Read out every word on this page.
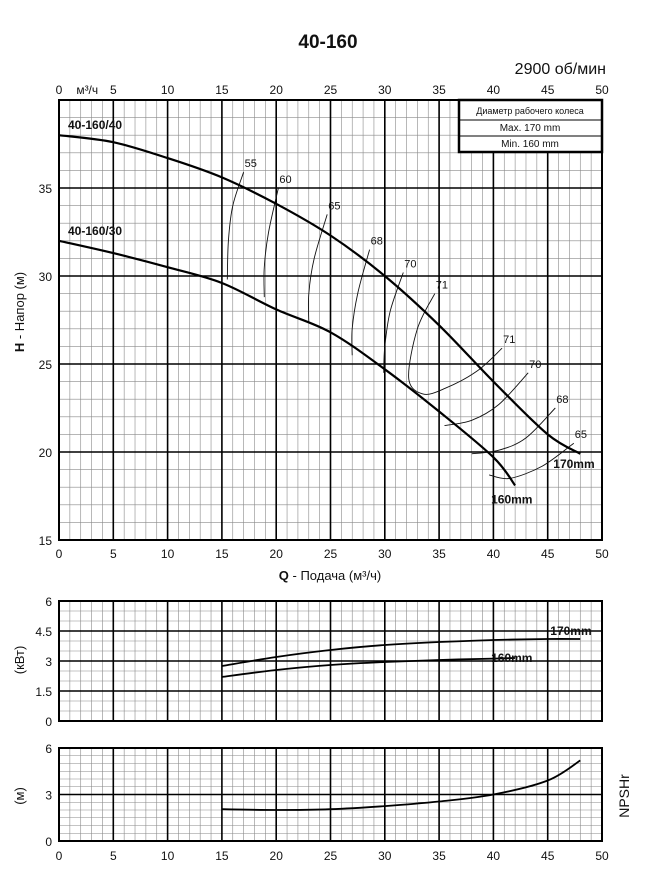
40-160/40
170mm
40-160/30
160mm
55
60
65
68
70
71
71
70
68
65
0	5	10	15	20	25	30	35	40	45	50
0	10	15	20	25	30	35	40	45	50
5
15
20
25
30
35
170mm
160mm
0
1.5
3
4.5
6
0
3
6
0	5	10	15	20	25	30	35	40	45	50
40-160
2900 об/мин
Диаметр рабочего колеса
Max. 170 mm
Min. 160 mm
H - Напор (м)
Q - Подача (м³/ч)
м³/ч
(кВт)
(м)	NPSHr
